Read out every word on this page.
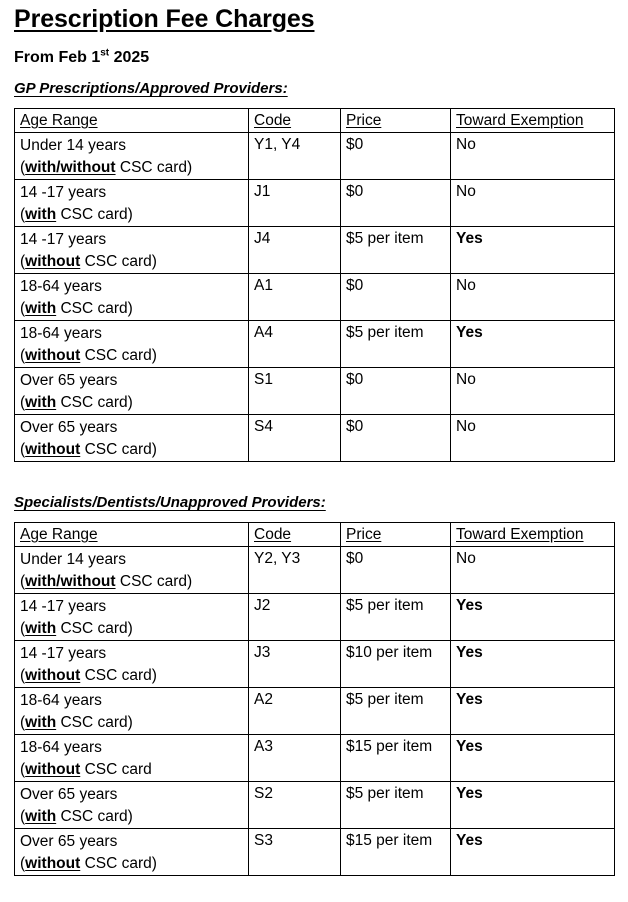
Prescription Fee Charges

From Feb 1st 2025

GP Prescriptions/Approved Providers:
Age Range	Code	Price	Toward Exemption
Under 14 years
(with/without CSC card)	Y1, Y4	$0	No
14 -17 years
(with CSC card)	J1	$0	No
14 -17 years
(without CSC card)	J4	$5 per item	Yes
18-64 years
(with CSC card)	A1	$0	No
18-64 years
(without CSC card)	A4	$5 per item	Yes
Over 65 years
(with CSC card)	S1	$0	No
Over 65 years
(without CSC card)	S4	$0	No
Specialists/Dentists/Unapproved Providers:
Age Range	Code	Price	Toward Exemption
Under 14 years
(with/without CSC card)	Y2, Y3	$0	No
14 -17 years
(with CSC card)	J2	$5 per item	Yes
14 -17 years
(without CSC card)	J3	$10 per item	Yes
18-64 years
(with CSC card)	A2	$5 per item	Yes
18-64 years
(without CSC card	A3	$15 per item	Yes
Over 65 years
(with CSC card)	S2	$5 per item	Yes
Over 65 years
(without CSC card)	S3	$15 per item	Yes
